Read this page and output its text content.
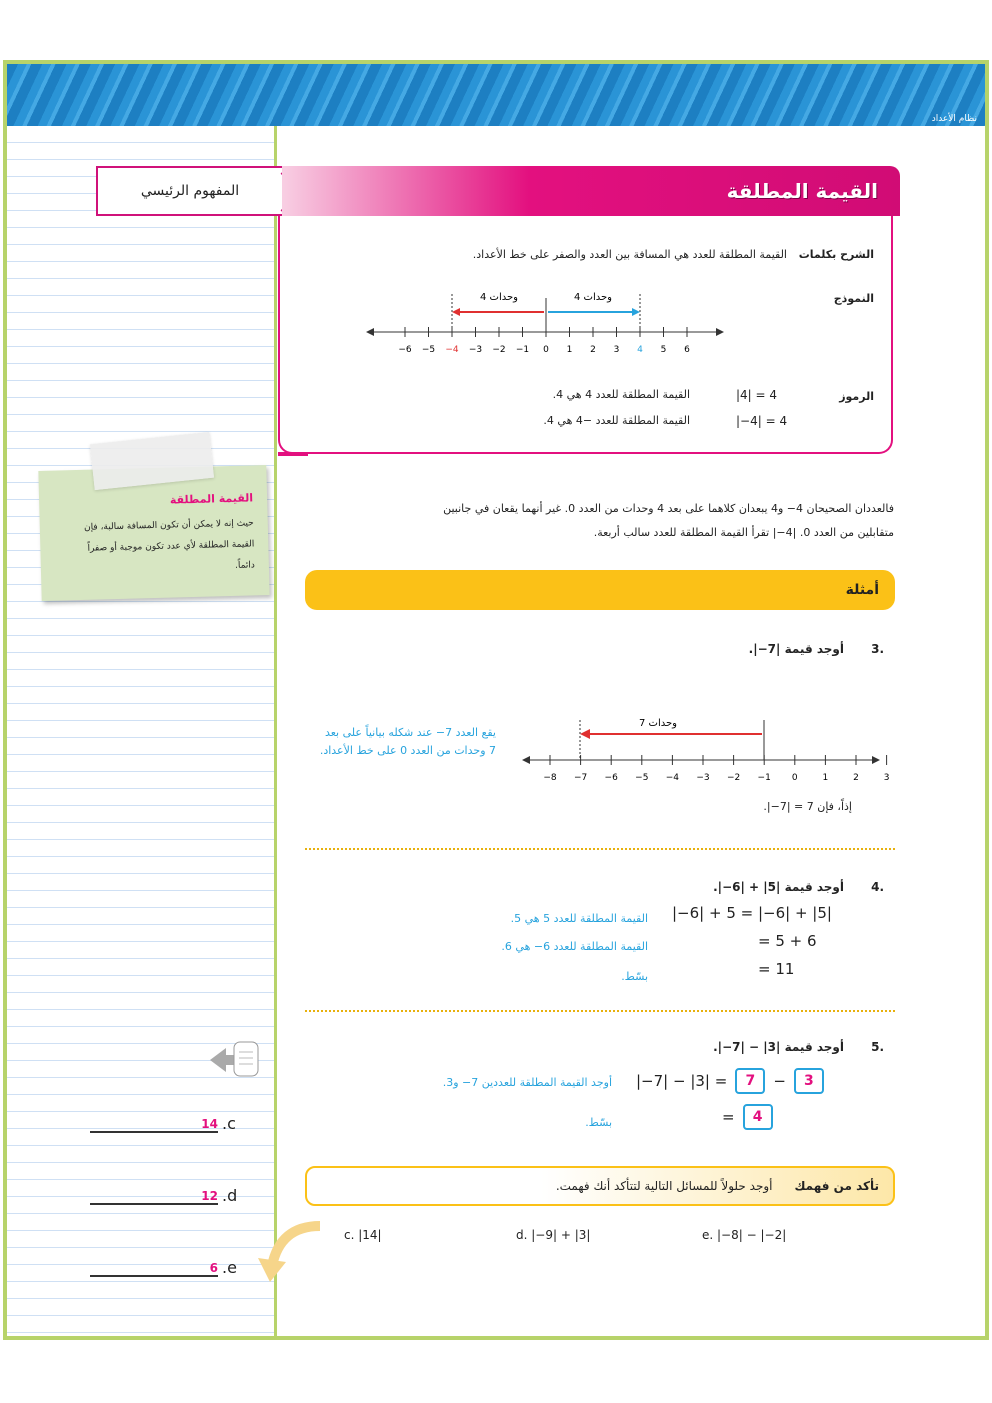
نظام الأعداد
المفهوم الرئيسي
القيمة المطلقة
حيث إنه لا يمكن أن تكون المسافة سالبة، فإن القيمة المطلقة لأي عدد تكون موجبة أو صفراً دائماً.
14 .c
12 .d
6 .e
القيمة المطلقة
الشرح بكلمات
القيمة المطلقة للعدد هي المسافة بين العدد والصفر على خط الأعداد.
النموذج
4 وحدات	4 وحدات
−6 −5 −4 −3 −2 −1 0 1 2 3 4 5 6
الرموز
|4| = 4
القيمة المطلقة للعدد 4 هي 4.
|−4| = 4
القيمة المطلقة للعدد −4 هي 4.
فالعددان الصحيحان 4− و4 يبعدان كلاهما على بعد 4 وحدات من العدد 0. غير أنهما يقعان في جانبين
متقابلين من العدد 0. |4−| تقرأ القيمة المطلقة للعدد سالب أربعة.
أمثلة
.3
أوجد قيمة |7−|.
يقع العدد 7− عند شكله بيانياً على بعد 7 وحدات من العدد 0 على خط الأعداد.
7 وحدات
−8 −7 −6 −5 −4 −3 −2 −1 0	1	2	3
إذاً، فإن 7 = |7−|.
.4
أوجد قيمة |5| + |6−|.
|−6| + 5 = |−6| + |5|
= 5 + 6
= 11
القيمة المطلقة للعدد 5 هي 5.
القيمة المطلقة للعدد 6− هي 6.
بسّط.
.5
أوجد قيمة |3| − |7−|.
|−7| − |3| =	7	−	3
=	4
أوجد القيمة المطلقة للعددين 7− و3.
بسّط.
أوجد حلولاً للمسائل التالية لتتأكد أنك فهمت. تأكد من فهمك
c. |14|	d. |−9| + |3|	e. |−8| − |−2|
